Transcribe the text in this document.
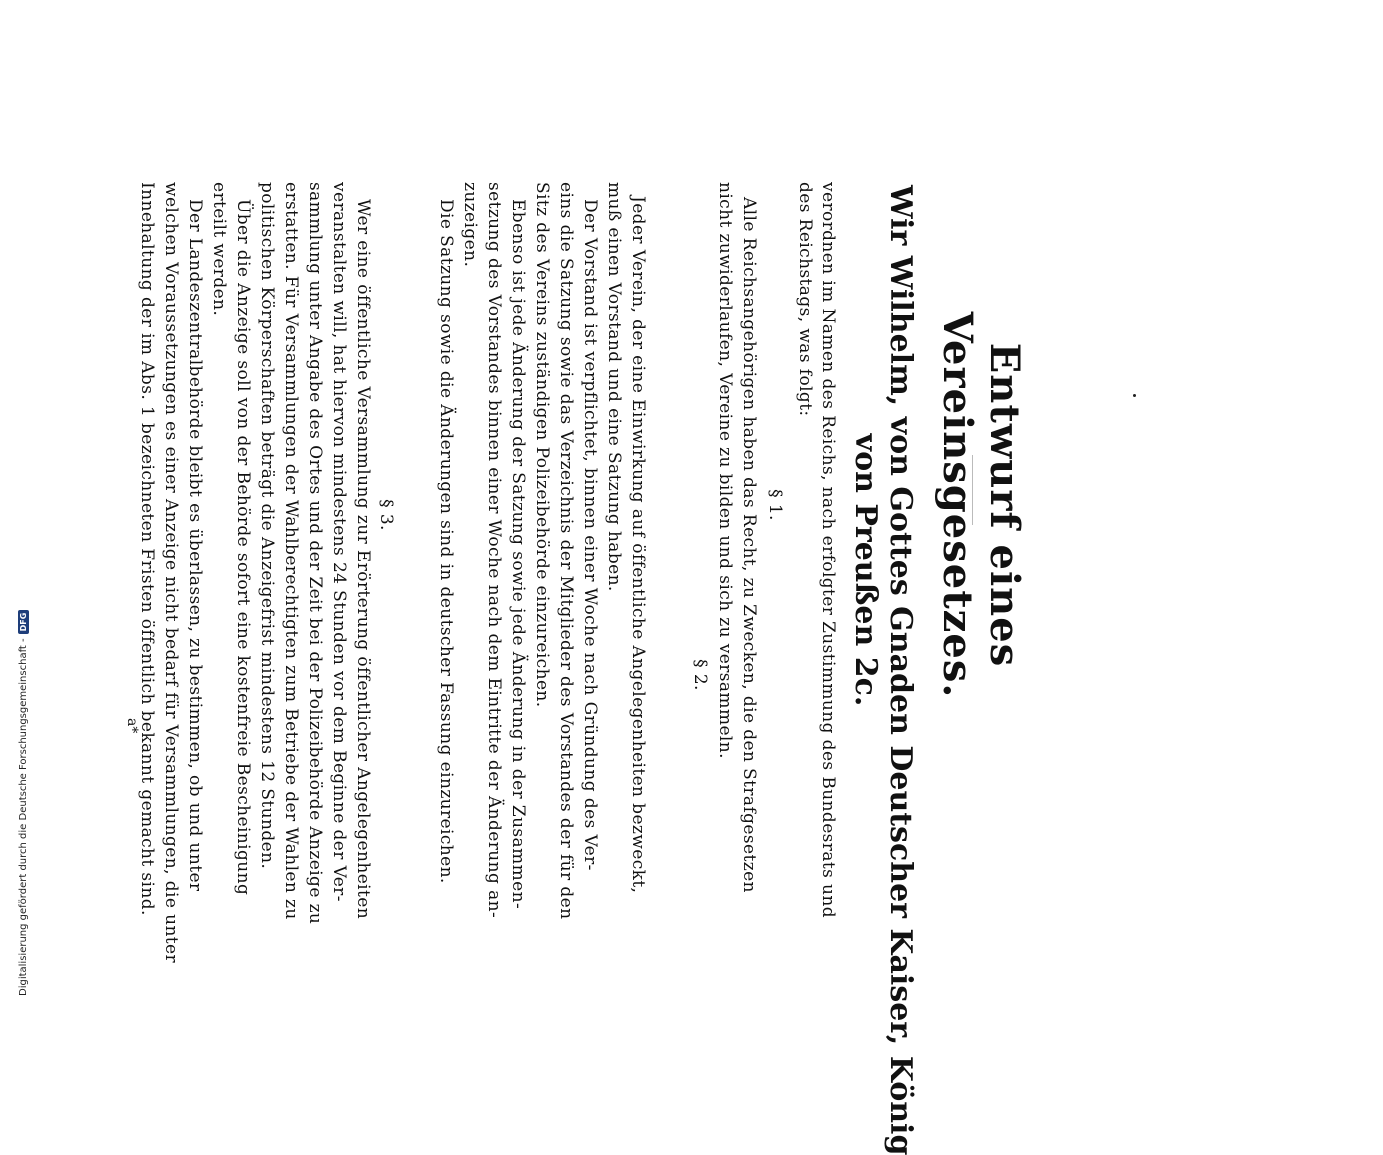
Entwurf eines Vereinsgesetzes.
Wir Wilhelm, von Gottes Gnaden Deutscher Kaiser, König
von Preußen 2c.
verordnen im Namen des Reichs, nach erfolgter Zustimmung des Bundesrats und
des Reichstags, was folgt:
§ 1.
Alle Reichsangehörigen haben das Recht, zu Zwecken, die den Strafgesetzen
nicht zuwiderlaufen, Vereine zu bilden und sich zu versammeln.
§ 2.
Jeder Verein, der eine Einwirkung auf öffentliche Angelegenheiten bezweckt,
muß einen Vorstand und eine Satzung haben.
Der Vorstand ist verpflichtet, binnen einer Woche nach Gründung des Ver-
eins die Satzung sowie das Verzeichnis der Mitglieder des Vorstandes der für den
Sitz des Vereins zuständigen Polizeibehörde einzureichen.
Ebenso ist jede Änderung der Satzung sowie jede Änderung in der Zusammen-
setzung des Vorstandes binnen einer Woche nach dem Eintritte der Änderung an-
zuzeigen.
Die Satzung sowie die Änderungen sind in deutscher Fassung einzureichen.
§ 3.
Wer eine öffentliche Versammlung zur Erörterung öffentlicher Angelegenheiten
veranstalten will, hat hiervon mindestens 24 Stunden vor dem Beginne der Ver-
sammlung unter Angabe des Ortes und der Zeit bei der Polizeibehörde Anzeige zu
erstatten. Für Versammlungen der Wahlberechtigten zum Betriebe der Wahlen zu
politischen Körperschaften beträgt die Anzeigefrist mindestens 12 Stunden.
Über die Anzeige soll von der Behörde sofort eine kostenfreie Bescheinigung
erteilt werden.
Der Landeszentralbehörde bleibt es überlassen, zu bestimmen, ob und unter
welchen Voraussetzungen es einer Anzeige nicht bedarf für Versammlungen, die unter
Innehaltung der im Abs. 1 bezeichneten Fristen öffentlich bekannt gemacht sind.
a*
Digitalisierung gefördert durch die Deutsche Forschungsgemeinschaft -
DFG
